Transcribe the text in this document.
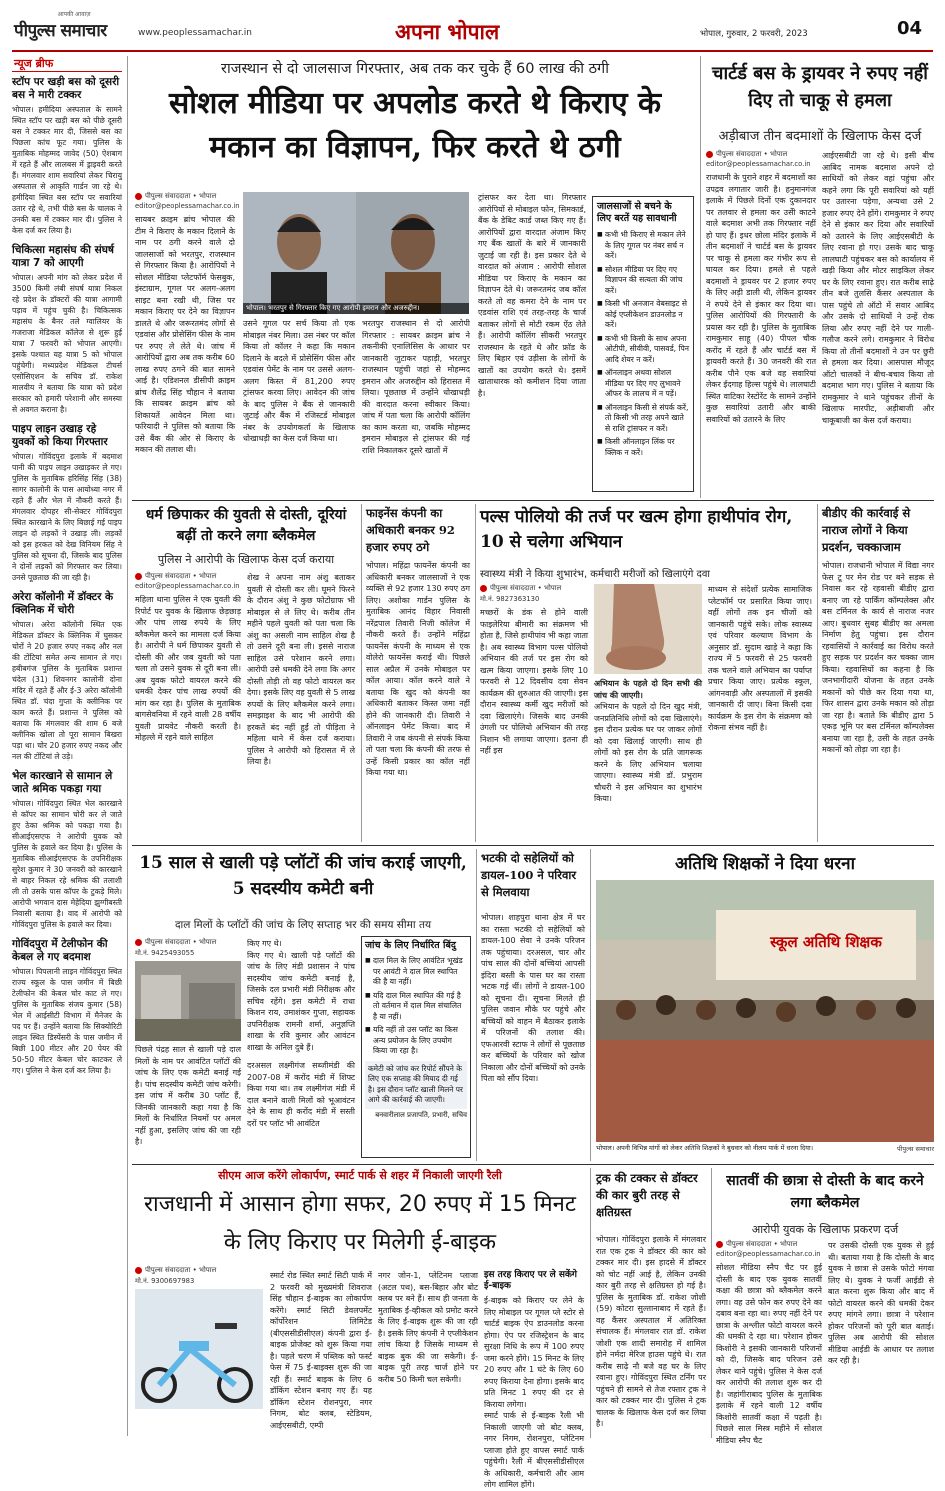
आपकी आवाज़
पीपुल्स समाचार	www.peoplessamachar.in	अपना भोपाल	भोपाल, गुरुवार, 2 फरवरी, 2023	04
न्यूज ब्रीफ
स्टॉप पर खड़ी बस को दूसरी बस ने मारी टक्कर
भोपाल। हमीदिया अस्पताल के सामने स्थित स्टॉप पर खड़ी बस को पीछे दूसरी बस ने टक्कर मार दी, जिससे बस का पिछला कांच फूट गया। पुलिस के मुताबिक मोहम्मद जावेद (50) ऐशबाग में रहते हैं और लालबस में ड्राइवरी करते हैं। मंगलवार शाम सवारियां लेकर चिरायु अस्पताल से आकृति गार्डन जा रहे थे। हमीदिया स्थित बस स्टॉप पर सवारियां उतार रहे थे, तभी पीछे बस के चालक ने उनकी बस में टक्कर मार दी। पुलिस ने केस दर्ज कर लिया है।
चिकित्सा महासंघ की संघर्ष यात्रा 7 को आएगी
भोपाल। अपनी मांग को लेकर प्रदेश में 3500 किमी लंबी संघर्ष यात्रा निकल रहे प्रदेश के डॉक्टरों की यात्रा आगामी पड़ाव में पहुंच चुकी है। चिकित्सक महासंघ के बैनर तले ग्वालियर के गजराजा मेडिकल कॉलेज से शुरू हुई यात्रा 7 फरवरी को भोपाल आएगी। इसके पश्चात यह यात्रा 5 को भोपाल पहुंचेगी। मध्यप्रदेश मेडिकल टीचर्स एसोसिएशन के सचिव डॉ. राकेश मालवीय ने बताया कि यात्रा को प्रदेश सरकार को हमारी परेशानी और समस्या से अवगत कराना है।
पाइप लाइन उखाड़ रहे युवकों को किया गिरफ्तार
भोपाल। गोविंदपुरा इलाके में बदमाश पानी की पाइप लाइन उखाड़कर ले गए। पुलिस के मुताबिक हरिसिंह सिंह (38) सागर कालोनी के पास आयोध्या नगर में रहते हैं और भेल में नौकरी करते हैं। मंगलवार दोपहर सी-सेक्टर गोविंदपुरा स्थित कारखाने के लिए बिछाई गई पाइप लाइन दो लड़कों ने उखाड़ ली। लड़कों को इस हरकत को देख विनियम सिंह ने पुलिस को सूचना दी, जिसके बाद पुलिस ने दोनों लड़कों को गिरफ्तार कर लिया। उनसे पूछताछ की जा रही है।
अरेरा कॉलोनी में डॉक्टर के क्लिनिक में चोरी
भोपाल। अरेरा कॉलोनी स्थित एक मेडिकल डॉक्टर के क्लिनिक में घुसकर चोरों ने 20 हजार रुपए नकद और नल की टोंटियां समेत अन्य सामान ले गए। हबीबगंज पुलिस के मुताबिक प्रशान्त चंदेल (31) शिवनगर कालोनी दोना मंदिर में रहते हैं और ई-3 अरेरा कॉलोनी स्थित डॉ. चंदा गुप्ता के क्लीनिक पर काम करते हैं। प्रशान्त ने पुलिस को बताया कि मंगलवार की शाम 6 बजे क्लीनिक खोला तो पूरा सामान बिखरा पड़ा था। चोर 20 हजार रुपए नकद और नल की टोंटियां ले उड़े।
भेल कारखाने से सामान ले जाते श्रमिक पकड़ा गया
भोपाल। गोविंदपुरा स्थित भेल कारखाने से कॉपर का सामान चोरी कर ले जाते हुए ठेका श्रमिक को पकड़ा गया है। सीआईएसएफ ने आरोपी युवक को पुलिस के हवाले कर दिया है। पुलिस के मुताबिक सीआईएसएफ के उपनिरीक्षक सुरेश कुमार ने 30 जनवरी को कारखाने से बाहर निकल रहे श्रमिक की तलाशी ली तो उसके पास कॉपर के टुकड़े मिले। आरोपी भगवान दास मेहेदिया झुग्गीबस्ती निवासी बताया है। वाद में आरोपी को गोविंदपुरा पुलिस के हवाले कर दिया।
गोविंदपुरा में टेलीफोन की केबल ले गए बदमाश
भोपाल। पिपलानी लाइन गोविंदपुरा स्थित राज्य स्कूल के पास जमीन में बिछी टेलीफोन की केबल चोर काट ले गए। पुलिस के मुताबिक संजय कुमार (58) भेल में आईसीटी विभाग में मैनेजर के पद पर हैं। उन्होंने बताया कि सिक्योरिटी लाइन स्थित डिस्पेंसरी के पास जमीन में बिछी 100 मीटर और 20 पेयर की 50-50 मीटर केबल चोर काटकर ले गए। पुलिस ने केस दर्ज कर लिया है।
राजस्थान से दो जालसाज गिरफ्तार, अब तक कर चुके हैं 60 लाख की ठगी
सोशल मीडिया पर अपलोड करते थे किराए के मकान का विज्ञापन, फिर करते थे ठगी
पीपुल्स संवाददाता • भोपाल
editor@peoplessamachar.co.in
सायबर क्राइम ब्रांच भोपाल की टीम ने किराए के मकान दिलाने के नाम पर ठगी करने वाले दो जालसाजों को भरतपुर, राजस्थान से गिरफ्तार किया है। आरोपियों ने सोशल मीडिया प्लेटफॉर्म फेसबुक, इंस्टाग्राम, गूगल पर अलग-अलग साइट बना रखी थी, जिस पर मकान किराए पर देने का विज्ञापन डालते थे और जरूरतमंद लोगों से एडवांस और प्रोसेसिंग फीस के नाम पर रुपए ले लेते थे। जांच में आरोपियों द्वारा अब तक करीब 60 लाख रुपए ठगने की बात सामने आई है। एडिशनल डीसीपी क्राइम ब्रांच शैलेंद्र सिंह चौहान ने बताया कि सायबर क्राइम ब्रांच को शिकायतें आवेदन मिला था। फरियादी ने पुलिस को बताया कि उसे बैंक की ओर से किराए के मकान की तलाश थी।
भोपाल। भरतपुर से गिरफ्तार किए गए आरोपी इमरान और अजरुद्दीन।
उसने गूगल पर सर्च किया तो एक मोबाइल नंबर मिला। उस नंबर पर कॉल किया तो कॉलर ने कहा कि मकान दिलाने के बदले में प्रोसेसिंग फीस और एडवांस पेमेंट के नाम पर उससे अलग-अलग किस्त में 81,200 रुपए ट्रांसफर करवा लिए। आवेदन की जांच के बाद पुलिस ने बैंक से जानकारी जुटाई और बैंक में रजिस्टर्ड मोबाइल नंबर के उपयोगकर्ता के खिलाफ धोखाधड़ी का केस दर्ज किया था।
भरतपुर राजस्थान से दो आरोपी गिरफ्तार : सायबर क्राइम ब्रांच ने तकनीकी एनालिसिस के आधार पर जानकारी जुटाकर पहाड़ी, भरतपुर राजस्थान पहुंची जहां से मोहम्मद इमरान और अजरुद्दीन को हिरासत में लिया। पूछताछ में उन्होंने धोखाधड़ी की वारदात करना स्वीकार किया। जांच में पता चला कि आरोपी कॉलिंग का काम करता था, जबकि मोहम्मद इमरान मोबाइल से ट्रांसफर की गई राशि निकालकर दूसरे खातों में
ट्रांसफर कर देता था। गिरफ्तार आरोपियों से मोबाइल फोन, सिमकार्ड, बैंक के डेबिट कार्ड जब्त किए गए हैं। आरोपियों द्वारा वारदात अंजाम किए गए बैंक खातों के बारे में जानकारी जुटाई जा रही है। इस प्रकार देते थे वारदात को अंजाम : आरोपी सोशल मीडिया पर किराए के मकान का विज्ञापन देते थे। जरूरतमंद जब कॉल करते तो वह कमरा देने के नाम पर एडवांस राशि एवं तरह-तरह के चार्ज बताकर लोगों से मोटी रकम ऐंठ लेते हैं। आरोपी कॉलिंग सीकरी भरतपुर राजस्थान के रहते थे और फ्रॉड के लिए बिहार एवं उड़ीसा के लोगों के खातों का उपयोग करते थे। इसमें खाताधारक को कमीशन दिया जाता है।
जालसाजों से बचने के लिए बरतें यह सावधानी
■ कभी भी किराए से मकान लेने के लिए गूगल पर नंबर सर्च न करें।
■ सोशल मीडिया पर दिए गए विज्ञापन की सत्यता की जांच करें।
■ किसी भी अनजान वेबसाइट से कोई एप्लीकेशन डाउनलोड न करें।
■ कभी भी किसी के साथ अपना ओटीपी, सीवीवी, पासवर्ड, पिन आदि शेयर न करें।
■ ऑनलाइन अथवा सोशल मीडिया पर दिए गए लुभावने ऑफर के लालच में न पड़ें।
■ ऑनलाइन किसी से संपर्क करें, तो किसी भी तरह अपने खाते से राशि ट्रांसफर न करें।
■ किसी ऑनलाइन लिंक पर क्लिक न करें।
चार्टर्ड बस के ड्रायवर ने रुपए नहीं दिए तो चाकू से हमला
अड़ीबाज तीन बदमाशों के खिलाफ केस दर्ज
पीपुल्स संवाददाता • भोपाल
editor@peoplessamachar.co.in
राजधानी के पुराने शहर में बदमाशों का उपद्रव लगातार जारी है। हनुमानगंज इलाके में पिछले दिनों एक दुकानदार पर तलवार से हमला कर उसेी काटने वाले बदमाश अभी तक गिरफ्तार नहीं हो पाए हैं। इधर छोला मंदिर इलाके में तीन बदमाशों ने चार्टर्ड बस के ड्रायवर पर चाकू से हमला कर गंभीर रूप से घायल कर दिया। हमले से पहले बदमाशों ने ड्रायवर पर 2 हजार रुपए के लिए अड़ी डाली थी, लेकिन ड्रायवर ने रुपये देने से इंकार कर दिया था। पुलिस आरोपियों की गिरफ्तारी के प्रयास कर रही है। पुलिस के मुताबिक रामकुमार साहू (40) पीपल चौक करोंद में रहते हैं और चार्टर्ड बस में ड्रायवरी करते हैं। 30 जनवरी की रात करीब पौने एक बजे वह सवारियां लेकर ईदगाह हिल्स पहुंचे थे। लालघाटी स्थित वाटिका रेस्टोरेंट के सामने उन्होंने कुछ सवारियां उतारी और बाकी सवारियों को उतारने के लिए
आईएसबीटी जा रहे थे। इसी बीच आबिद नामक बदमाश अपने दो साथियों को लेकर वहां पहुंचा और कहने लगा कि पूरी सवारियां को यहीं पर उतारना पड़ेगा, अन्यथा उसे 2 हजार रुपए देने होंगे। रामकुमार ने रुपए देने से इंकार कर दिया और सवारियों को उतारने के लिए आईएसबीटी के लिए रवाना हो गए। उसके बाद चाकू लालघाटी पहुंचकर बस को कार्यालय में खड़ी किया और मोटर साइकिल लेकर घर के लिए रवाना हुए। रात करीब साढ़े तीन बजे तुलसि कैंसर अस्पताल के पास पहुंचे तो ऑटो में सवार आबिद और उसके दो साथियों ने उन्हें रोक लिया और रुपए नहीं देने पर गाली-गलौज करने लगे। रामकुमार ने विरोध किया तो तीनों बदमाशों ने उन पर छुरी से हमला कर दिया। आसपास मौजूद ऑटो चालकों ने बीच-बचाव किया तो बदमाश भाग गए। पुलिस ने बताया कि रामकुमार ने थाने पहुंचकर तीनों के खिलाफ मारपीट, अड़ीबाजी और चाकूबाजी का केस दर्ज कराया।
धर्म छिपाकर की युवती से दोस्ती, दूरियां बढ़ीं तो करने लगा ब्लैकमेल
पुलिस ने आरोपी के खिलाफ केस दर्ज कराया
पीपुल्स संवाददाता • भोपाल
editor@peoplessamachar.co.in
महिला थाना पुलिस ने एक युवती की रिपोर्ट पर युवक के खिलाफ छेड़छाड़ और पांच लाख रुपये के लिए ब्लैकमेल करने का मामला दर्ज किया है। आरोपी ने धर्म छिपाकर युवती से दोस्ती की और जब युवती को पता चला तो उसने युवक से दूरी बना ली। अब युवक फोटो वायरल करने की धमकी देकर पांच लाख रुपयों की मांग कर रहा है। पुलिस के मुताबिक बागसेवनिया में रहने वाली 28 वर्षीय युवती प्रायवेट नौकरी करती है। मोहल्ले में रहने वाले साहिल
शेख ने अपना नाम अंशु बताकर युवती से दोस्ती कर ली। घूमने फिरने के दौरान अंशु ने कुछ फोटोग्राफ भी मोबाइल से ले लिए थे। करीब तीन महीने पहले युवती को पता चला कि अंशु का असली नाम साहिल शेख है तो उसने दूरी बना ली। इससे नाराज साहिल उसे परेशान करने लगा। आरोपी उसे धमकी देने लगा कि अगर दोस्ती तोड़ी तो वह फोटो वायरल कर देगा। इसके लिए वह युवती से 5 लाख रुपयों के लिए ब्लैकमेल करने लगा। समझाइश के बाद भी आरोपी की हरकतें बंद नहीं हुईं तो पीड़िता ने महिला थाने में केस दर्ज कराया। पुलिस ने आरोपी को हिरासत में ले लिया है।
फाइनेंस कंपनी का अधिकारी बनकर 92 हजार रुपए ठगे
भोपाल। महिंद्रा फायनेंस कंपनी का अधिकारी बनकर जालसाजों ने एक व्यक्ति से 92 हजार 130 रुपए ठग लिए। अशोका गार्डन पुलिस के मुताबिक आनंद विहार निवासी नरेंद्रपाल तिवारी निजी कॉलेज में नौकरी करते हैं। उन्होंने महिंद्रा फायनेंस कंपनी के माध्यम से एक वोलेरो फायनेंस कराई थी। पिछले साल अप्रैल में उनके मोबाइल पर कॉल आया। कॉल करने वाले ने बताया कि खुद को कंपनी का अधिकारी बताकर किस्त जमा नहीं होने की जानकारी दी। तिवारी ने ऑनलाइन पेमेंट किया। बाद में तिवारी ने जब कंपनी से संपर्क किया तो पता चला कि कंपनी की तरफ से उन्हें किसी प्रकार का कॉल नहीं किया गया था।
पल्स पोलियो की तर्ज पर खत्म होगा हाथीपांव रोग, 10 से चलेगा अभियान
स्वास्थ्य मंत्री ने किया शुभारंभ, कर्मचारी मरीजों को खिलाएंगे दवा
पीपुल्स संवाददाता • भोपाल
मो.नं. 9827363130
मच्छरों के डंक से होने वाली फाइलेरिया बीमारी का संक्रमण भी होता है, जिसे हाथीपांव भी कहा जाता है। अब स्वास्थ्य विभाग पल्स पोलियो अभियान की तर्ज पर इस रोग को खत्म किया जाएगा। इसके लिए 10 फरवरी से 12 दिवसीय दवा सेवन कार्यक्रम की शुरुआत की जाएगी। इस दौरान स्वास्थ्य कर्मी खुद मरीजों को दवा खिलाएंगे। जिसके बाद उनकी उंगली पर पोलियो अभियान की तरह निशान भी लगाया जाएगा। इतना ही नहीं इस
अभियान के पहले दो दिन सभी की जांच की जाएगी।
अभियान के पहले दो दिन खुद मंत्री, जनप्रतिनिधि लोगों को दवा खिलाएंगे। इस दौरान प्रत्येक घर पर जाकर लोगों को दवा खिलाई जाएगी। साथ ही लोगों को इस रोग के प्रति जागरूक करने के लिए अभियान चलाया जाएगा। स्वास्थ्य मंत्री डॉ. प्रभुराम चौधरी ने इस अभियान का शुभारंभ किया।
माध्यम से संदेशों प्रत्येक सामाजिक प्लेटफॉर्म पर प्रसारित किया जाए। वहीं लोगों तक इन चीजों को जानकारी पहुंचे सके। लोक स्वास्थ्य एवं परिवार कल्याण विभाग के अनुसार डॉ. सुदाम खाड़े ने कहा कि राज्य में 5 फरवरी से 25 फरवरी तक चलने वाले अभियान का पर्याप्त प्रचार किया जाए। प्रत्येक स्कूल, आंगनवाड़ी और अस्पतालों में इसकी जानकारी दी जाए। बिना किसी दवा कार्यक्रम के इस रोग के संक्रमण को रोकना संभव नहीं है।
बीडीए की कार्रवाई से नाराज लोगों ने किया प्रदर्शन, चक्काजाम
भोपाल। राजधानी भोपाल में विद्या नगर फेस टू पर मेन रोड पर बने सड़क से निवास कर रहे रहवासी बीडीए द्वारा बनाए जा रहे पार्किंग कॉम्पलेक्स और बस टर्मिनल के कार्य से नाराज नजर आए। बुधवार सुबह बीडीए का अमला निर्माण हेतु पहुंचा। इस दौरान रहवासियों ने कार्रवाई का विरोध करते हुए सड़क पर प्रदर्शन कर चक्का जाम किया। रहवासियों का कहना है कि जनभागीदारी योजना के तहत उनके मकानों को पीछे कर दिया गया था, फिर शासन द्वारा उनके मकान को तोड़ा जा रहा है। बताते कि बीडीए द्वारा 5 एकड़ भूमि पर बस टर्मिनल कॉम्पलेक्स बनाया जा रहा है, उसी के तहत उनके मकानों को तोड़ा जा रहा है।
15 साल से खाली पड़े प्लॉटों की जांच कराई जाएगी, 5 सदस्यीय कमेटी बनी
दाल मिलों के प्लॉटों की जांच के लिए सप्ताह भर की समय सीमा तय
पीपुल्स संवाददाता • भोपाल
मो.नं. 9425493055
पिछले पंद्रह साल से खाली पड़े दाल मिलों के नाम पर आवंटित प्लॉटों की जांच के लिए एक कमेटी बनाई गई है। पांच सदस्यीय कमेटी जांच करेगी। इस जांच में करीब 30 प्लॉट हैं, जिनकी जानकारी कहा गया है कि मिलों के निर्धारित नियमों पर अमल नहीं हुआ, इसलिए जांच की जा रही है।
दरअसल लक्ष्मीगंज सब्जीमंडी की 2007-08 में करोंद मंडी में शिफ्ट किया गया था। तब लक्ष्मीगंज मंडी में दाल बनाने वाली मिलों को भूआवंटन देने के साथ ही करोंद मंडी में सस्ती दरों पर प्लॉट भी आवंटित
किए गए थे।
किए गए थे। खाली पड़े प्लॉटों की जांच के लिए मंडी प्रशासन ने पांच सदस्यीय जांच कमेटी बनाई है, जिसके दल प्रभारी मंडी निरीक्षक और सचिव रहेंगे। इस कमेटी में राधा किशन राय, उमाशंकर गुप्ता, सहायक उपनिरीक्षक रामनी शर्मा, अनुज्ञप्ति शाखा के रवि कुमार और आवंटन शाखा के अनिल दुबे हैं।
जांच के लिए निर्धारित बिंदु
■ दाल मिल के लिए आवंटित भूखंड पर आवंटी ने दाल मिल स्थापित की है या नहीं।
■ यदि दाल मिल स्थापित की गई है तो वर्तमान में दाल मिल संचालित है या नहीं।
■ यदि नहीं तो उस प्लॉट का किस अन्य प्रयोजन के लिए उपयोग किया जा रहा है।
कमेटी को जांच कर रिपोर्ट सौंपने के लिए एक सप्ताह की मियाद दी गई है। इस दौरान प्लॉट खाली मिलने पर आगे की कार्रवाई की जाएगी।
बनवारीलाल प्रजापति, प्रभारी, सचिव
भटकी दो सहेलियों को डायल-100 ने परिवार से मिलवाया
भोपाल। शाहपुरा थाना क्षेत्र में घर का रास्ता भटकी दो सहेलियों को डायल-100 सेवा ने उनके परिजन तक पहुंचाया। दरअसल, चार और पांच साल की दोनों बच्चियां आपसी इंदिरा बस्ती के पास घर का रास्ता भटक गई थीं। लोगों ने डायल-100 को सूचना दी। सूचना मिलते ही पुलिस जवान मौके पर पहुंचे और बच्चियों को वाहन में बैठाकर इलाके में परिजनों की तलाश की। एफआरवी स्टाफ ने लोगों से पूछताछ कर बच्चियों के परिवार को खोज निकाला और दोनों बच्चियों को उनके पिता को सौंप दिया।
अतिथि शिक्षकों ने दिया धरना
स्कूल अतिथि शिक्षक
भोपाल। अपनी विभिन्न मांगों को लेकर अतिथि शिक्षकों ने बुधवार को नीलम पार्क में धरना दिया।	पीपुल्स समाचार
सीएम आज करेंगे लोकार्पण, स्मार्ट पार्क से शहर में निकाली जाएगी रैली
राजधानी में आसान होगा सफर, 20 रुपए में 15 मिनट के लिए किराए पर मिलेगी ई-बाइक
पीपुल्स संवाददाता • भोपाल
मो.नं. 9300697983
स्मार्ट रोड स्थित स्मार्ट सिटी पार्क में 2 फरवरी को मुख्यमंत्री शिवराज सिंह चौहान ई-बाइक का लोकार्पण करेंगे। स्मार्ट सिटी डेवलपमेंट कॉर्पोरेशन लिमिटेड (बीएससीडीसीएल) कंपनी द्वारा ई-बाइक प्रोजेक्ट को शुरू किया गया है। पहले चरण में पब्लिक को फर्स्ट फेस में 75 ई-बाइक्स शुरू की जा रही हैं। स्मार्ट बाइक के लिए 6 डॉकिंग स्टेशन बनाए गए हैं। यह डॉकिंग स्टेशन रोशनपुरा, नगर निगम, बोट क्लब, स्टेडियम, आईएसबीटी, एम्पी
नगर जोन-1, प्लेटिनम प्लाजा (अटल पथ), बस-बिहार और बोट क्लब पर बने हैं। साथ ही जनता के मुताबिक ई-व्हीकल को प्रमोट करने के लिए ई-बाइक शुरू की जा रही है। इसके लिए कंपनी ने एप्लीकेशन लांच किया है जिसके माध्यम से बाइक बुक की जा सकेगी। ई-बाइक पूरी तरह चार्ज होने पर करीब 50 किमी चल सकेगी।
इस तरह किराए पर ले सकेंगे ई-बाइक
ई-बाइक को किराए पर लेने के लिए मोबाइल पर गूगल प्ले स्टोर से चार्टर्ड बाइक ऐप डाउनलोड करना होगा। ऐप पर रजिस्ट्रेशन के बाद सुरक्षा निधि के रूप में 100 रुपए जमा करने होंगे। 15 मिनट के लिए 20 रुपए और 1 घंटे के लिए 60 रुपए किराया देना होगा। इसके बाद प्रति मिनट 1 रुपए की दर से किराया लगेगा।
स्मार्ट पार्क से ई-बाइक रैली भी निकाली जाएगी जो बोट क्लब, नगर निगम, रोशनपुरा, प्लेटिनम प्लाजा होते हुए वापस स्मार्ट पार्क पहुंचेगी। रैली में बीएससीडीसीएल के अधिकारी, कर्मचारी और आम लोग शामिल होंगे।
ट्रक की टक्कर से डॉक्टर की कार बुरी तरह से क्षतिग्रस्त
भोपाल। गोविंदपुरा इलाके में मंगलवार रात एक ट्रक ने डॉक्टर की कार को टक्कर मार दी। इस हादसे में डॉक्टर को चोट नहीं आई है, लेकिन उनकी कार बुरी तरह से क्षतिग्रस्त हो गई है। पुलिस के मुताबिक डॉ. राकेश जोशी (59) कोटरा सुल्तानाबाद में रहते हैं। वह कैंसर अस्पताल में अतिरिक्त संचालक हैं। मंगलवार रात डॉ. राकेश जोशी एक शादी समारोह में शामिल होने नर्मदा मेरिज हाउस पहुंचे थे। रात करीब साढ़े नौ बजे वह घर के लिए रवाना हुए। गोविंदपुरा स्थित टर्निंग पर पहुंचने ही सामने से तेज रफ्तार ट्रक ने कार को टक्कर मार दी। पुलिस ने ट्रक चालक के खिलाफ केस दर्ज कर लिया है।
सातवीं की छात्रा से दोस्ती के बाद करने लगा ब्लैकमेल
आरोपी युवक के खिलाफ प्रकरण दर्ज
पीपुल्स संवाददाता • भोपाल
editor@peoplessamachar.co.in
सोशल मीडिया स्नैप चैट पर हुई दोस्ती के बाद एक युवक सातवीं कक्षा की छात्रा को ब्लैकमेल करने लगा। वह उसे फोन कर रुपए देने का दबाव बना रहा था। रुपए नहीं देने पर छात्रा के अश्लील फोटो वायरल करने की धमकी दे रहा था। परेशान होकर किशोरी ने इसकी जानकारी परिजनों को दी, जिसके बाद परिजन उसे लेकर थाने पहुंचे। पुलिस ने केस दर्ज कर आरोपी की तलाश शुरू कर दी है। जहांगीराबाद पुलिस के मुताबिक इलाके में रहने वाली 12 वर्षीय किशोरी सातवीं कक्षा में पढ़ती है। पिछले साल मिस्त्र महीने में सोशल मीडिया स्नैप चैट
पर उसकी दोस्ती एक युवक से हुई थी। बताया गया है कि दोस्ती के बाद युवक ने छात्रा से उसके फोटो मंगवा लिए थे। युवक ने फर्जी आईडी से बात करना शुरू किया और बाद में फोटो वायरल करने की धमकी देकर रुपए मांगने लगा। छात्रा ने परेशान होकर परिजनों को पूरी बात बताई। पुलिस अब आरोपी की सोशल मीडिया आईडी के आधार पर तलाश कर रही है।
